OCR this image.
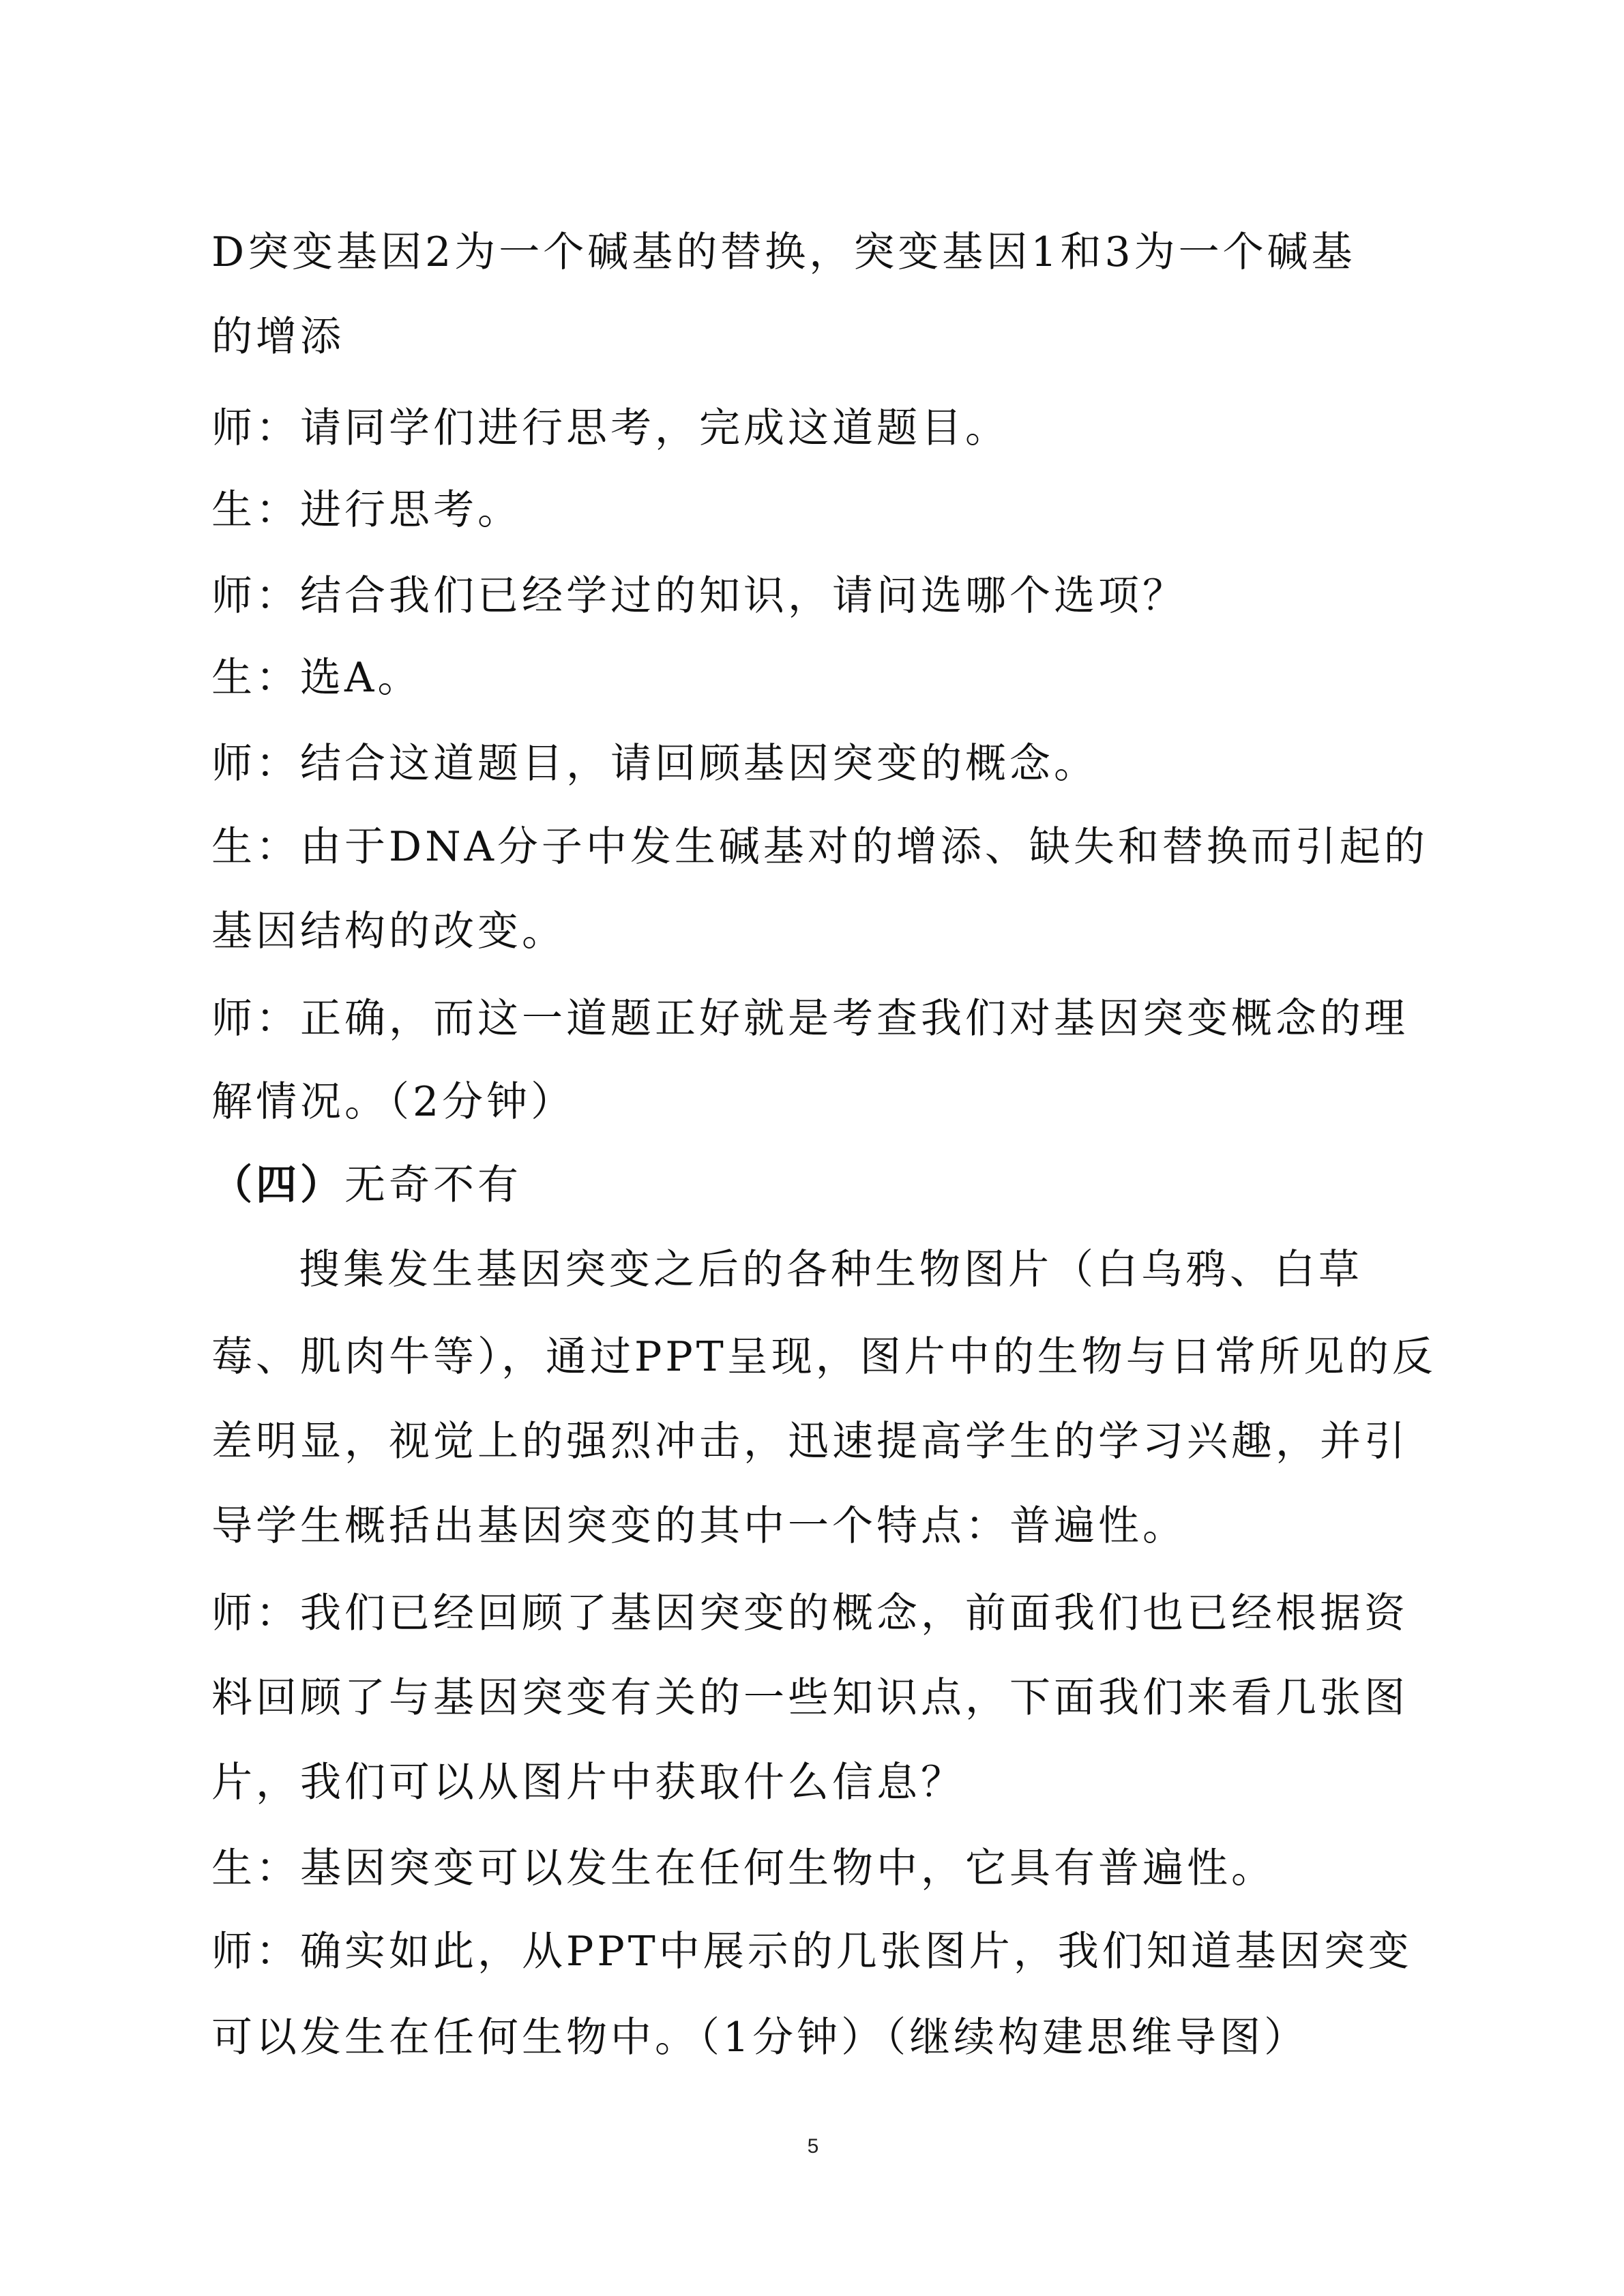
D突变基因2为一个碱基的替换，突变基因1和3为一个碱基
的增添
师：请同学们进行思考，完成这道题目。
生：进行思考。
师：结合我们已经学过的知识，请问选哪个选项？
生：选A。
师：结合这道题目，请回顾基因突变的概念。
生：由于DNA分子中发生碱基对的增添、缺失和替换而引起的
基因结构的改变。
师：正确，而这一道题正好就是考查我们对基因突变概念的理
解情况。（2分钟）
（四）无奇不有
搜集发生基因突变之后的各种生物图片（白乌鸦、白草
莓、肌肉牛等），通过PPT呈现，图片中的生物与日常所见的反
差明显，视觉上的强烈冲击，迅速提高学生的学习兴趣，并引
导学生概括出基因突变的其中一个特点：普遍性。
师：我们已经回顾了基因突变的概念，前面我们也已经根据资
料回顾了与基因突变有关的一些知识点，下面我们来看几张图
片，我们可以从图片中获取什么信息？
生：基因突变可以发生在任何生物中，它具有普遍性。
师：确实如此，从PPT中展示的几张图片，我们知道基因突变
可以发生在任何生物中。（1分钟）（继续构建思维导图）
5
